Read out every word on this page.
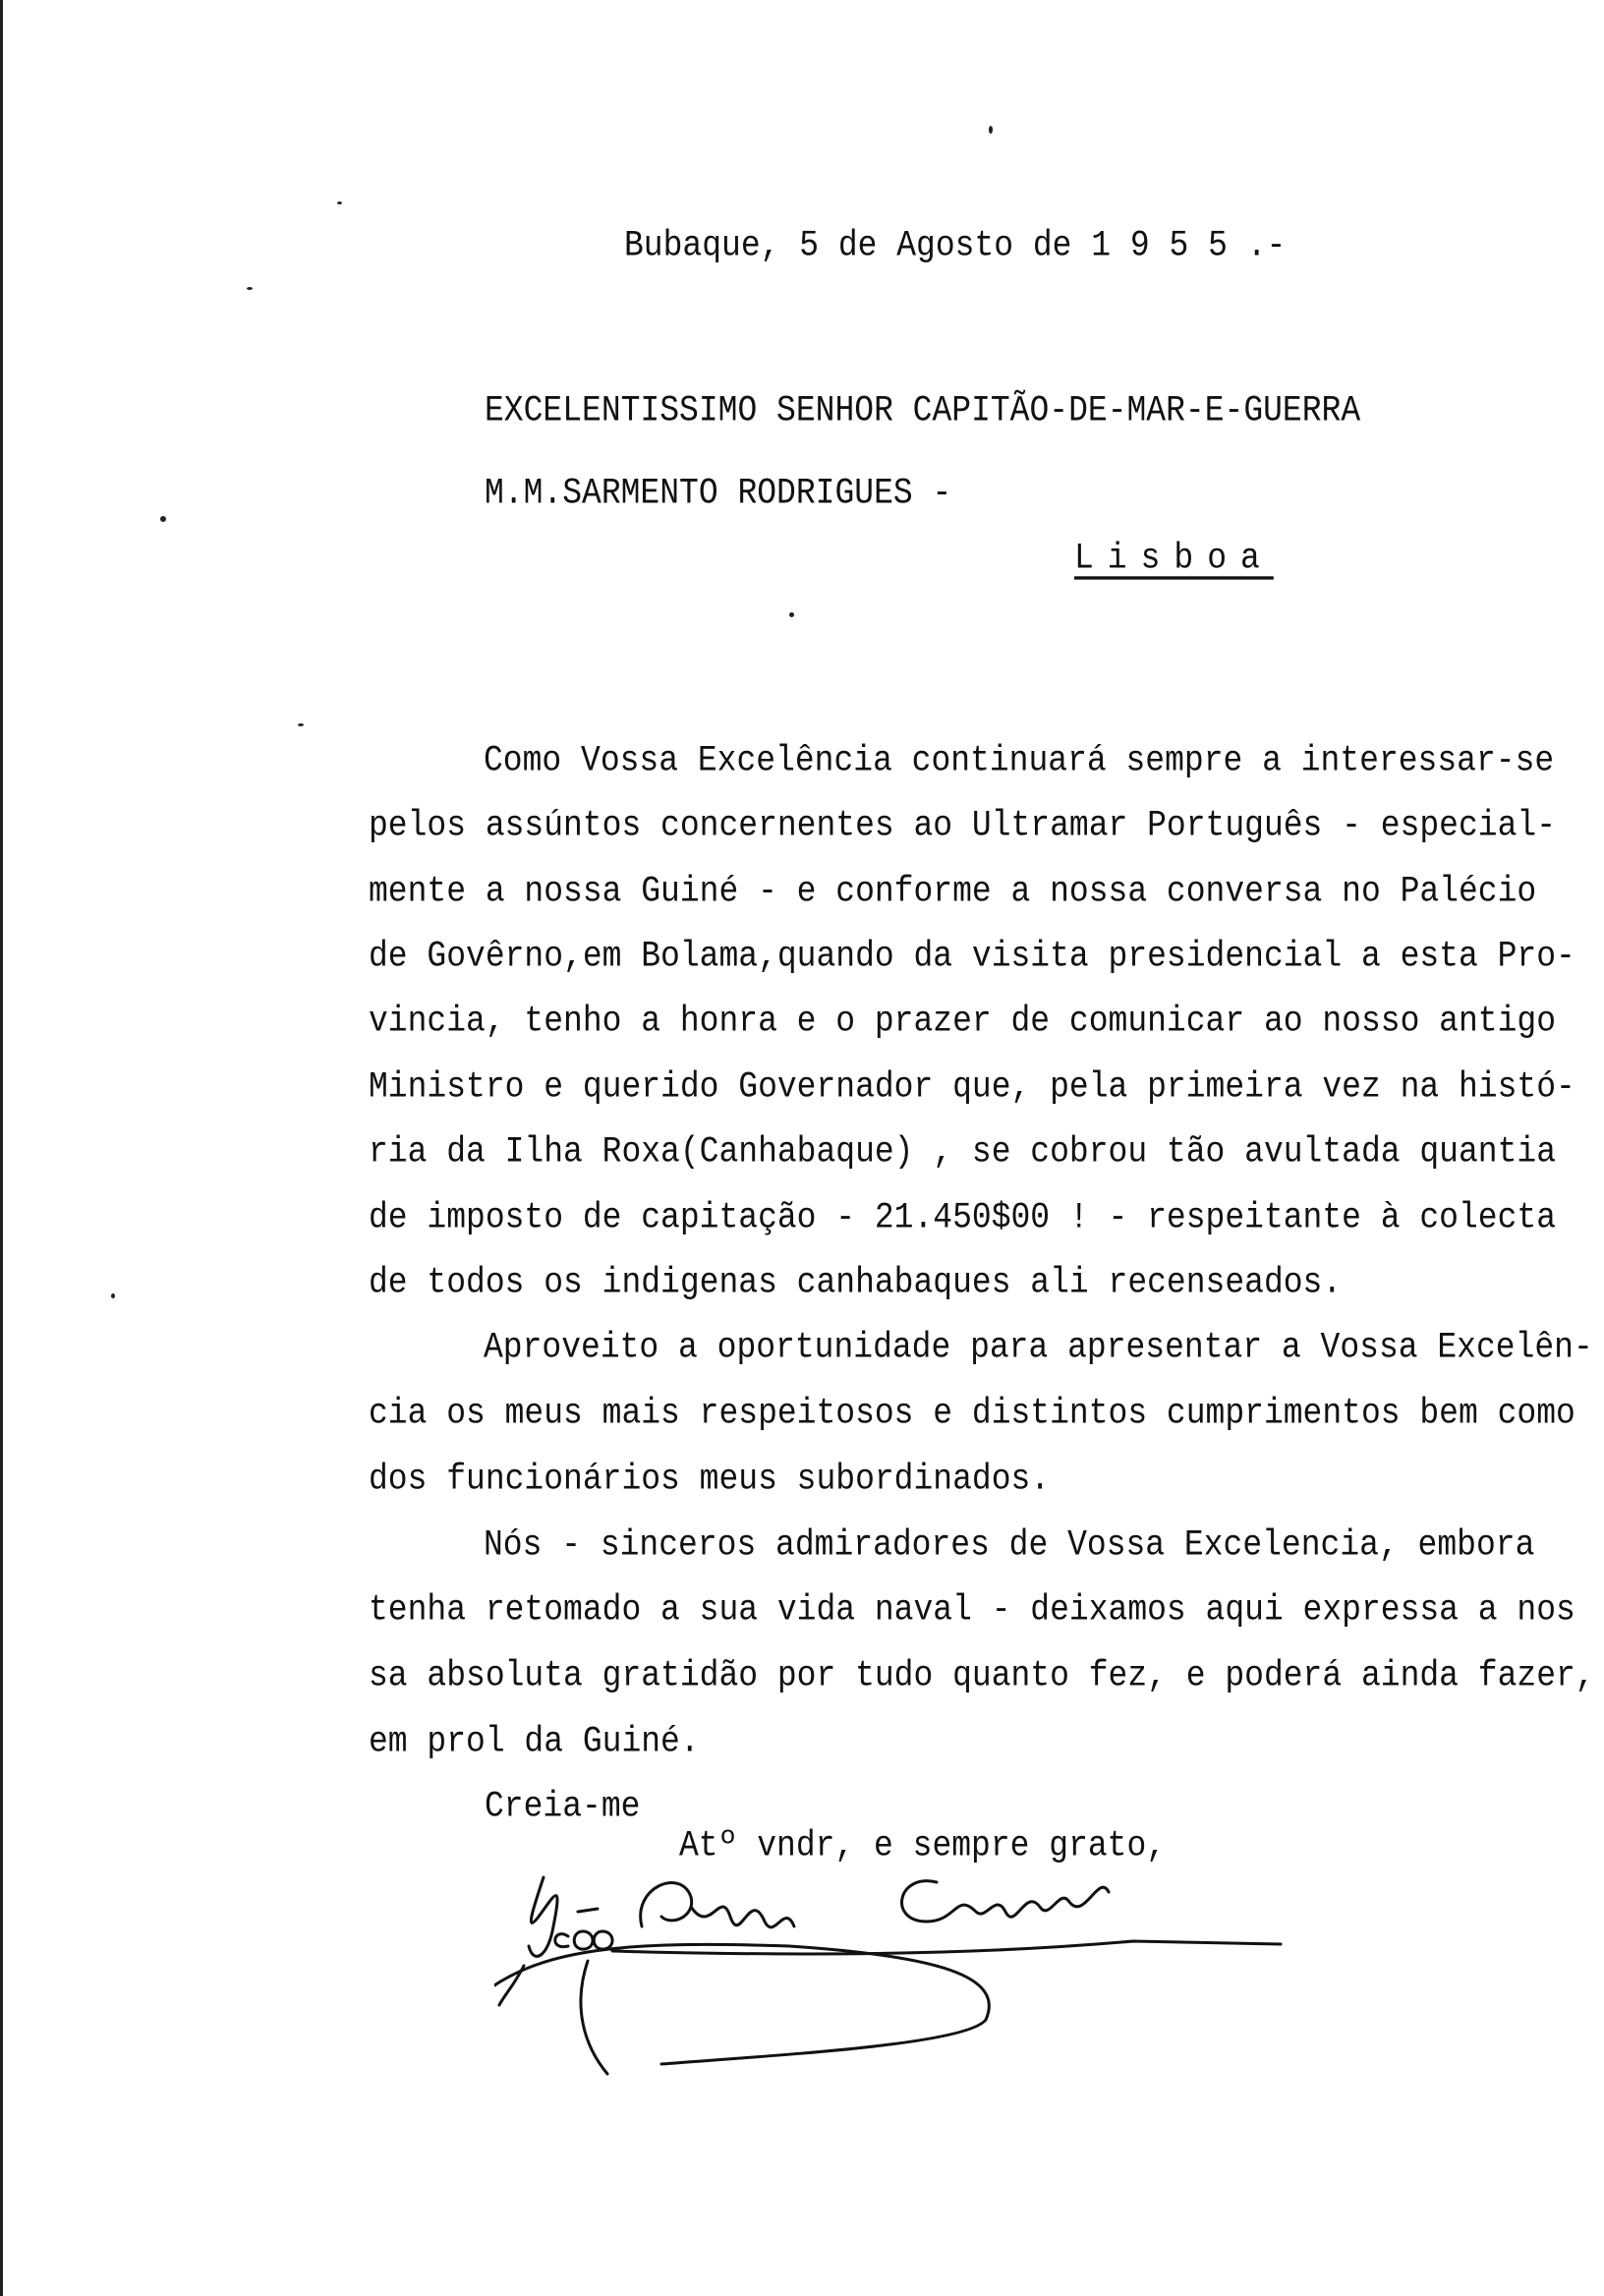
Bubaque, 5 de Agosto de 1 9 5 5 .-
EXCELENTISSIMO SENHOR CAPITÃO-DE-MAR-E-GUERRA
M.M.SARMENTO RODRIGUES -
Lisboa
Como Vossa Excelência continuará sempre a interessar-se
pelos assúntos concernentes ao Ultramar Português - especial-
mente a nossa Guiné - e conforme a nossa conversa no Palécio
de Govêrno,em Bolama,quando da visita presidencial a esta Pro-
vincia, tenho a honra e o prazer de comunicar ao nosso antigo
Ministro e querido Governador que, pela primeira vez na histó-
ria da Ilha Roxa(Canhabaque) , se cobrou tão avultada quantia
de imposto de capitação - 21.450$00 ! - respeitante à colecta
de todos os indigenas canhabaques ali recenseados.
Aproveito a oportunidade para apresentar a Vossa Excelên-
cia os meus mais respeitosos e distintos cumprimentos bem como
dos funcionários meus subordinados.
Nós - sinceros admiradores de Vossa Excelencia, embora
tenha retomado a sua vida naval - deixamos aqui expressa a nos
sa absoluta gratidão por tudo quanto fez, e poderá ainda fazer,
em prol da Guiné.
Creia-me
Atº vndr, e sempre grato,
